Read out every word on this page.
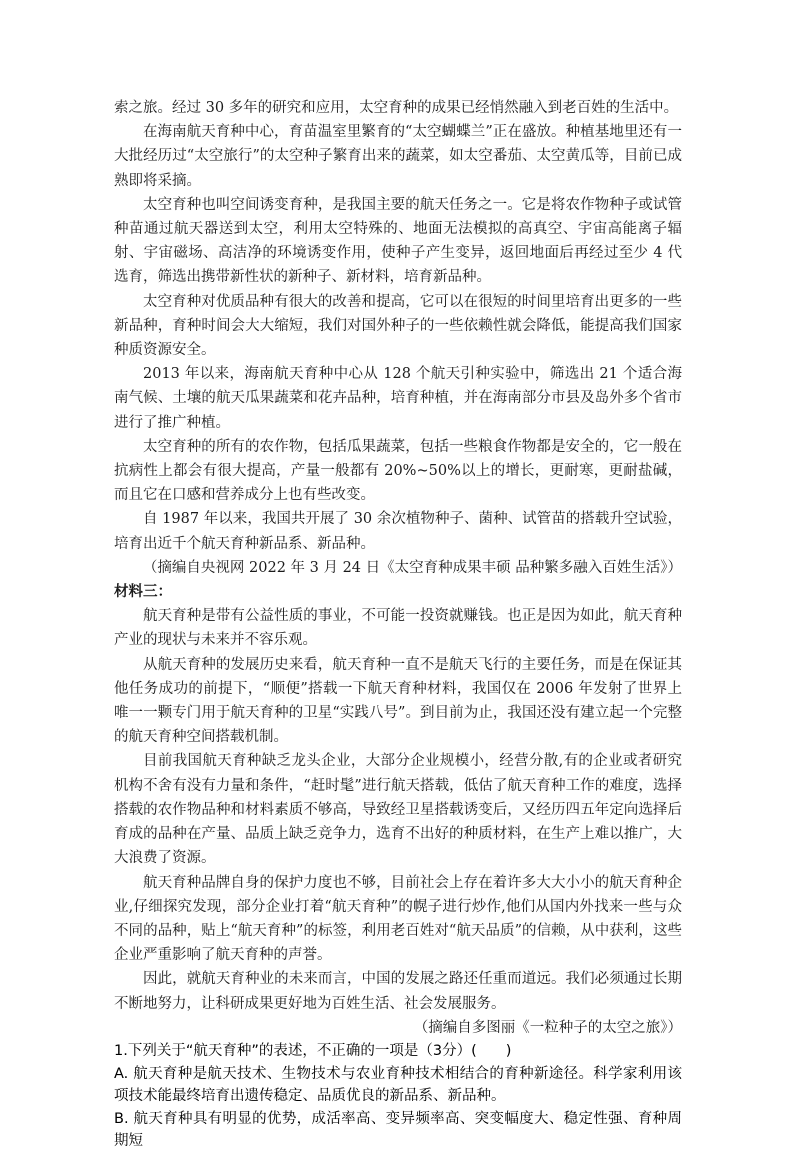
索之旅。经过 30 多年的研究和应用，太空育种的成果已经悄然融入到老百姓的生活中。

在海南航天育种中心，育苗温室里繁育的“太空蝴蝶兰”正在盛放。种植基地里还有一大批经历过“太空旅行”的太空种子繁育出来的蔬菜，如太空番茄、太空黄瓜等，目前已成熟即将采摘。

太空育种也叫空间诱变育种，是我国主要的航天任务之一。它是将农作物种子或试管种苗通过航天器送到太空，利用太空特殊的、地面无法模拟的高真空、宇宙高能离子辐射、宇宙磁场、高洁净的环境诱变作用，使种子产生变异，返回地面后再经过至少 4 代选育，筛选出携带新性状的新种子、新材料，培育新品种。

太空育种对优质品种有很大的改善和提高，它可以在很短的时间里培育出更多的一些新品种，育种时间会大大缩短，我们对国外种子的一些依赖性就会降低，能提高我们国家种质资源安全。

2013 年以来，海南航天育种中心从 128 个航天引种实验中，筛选出 21 个适合海南气候、土壤的航天瓜果蔬菜和花卉品种，培育种植，并在海南部分市县及岛外多个省市进行了推广种植。

太空育种的所有的农作物，包括瓜果蔬菜，包括一些粮食作物都是安全的，它一般在抗病性上都会有很大提高，产量一般都有 20%~50%以上的增长，更耐寒，更耐盐碱，而且它在口感和营养成分上也有些改变。

自 1987 年以来，我国共开展了 30 余次植物种子、菌种、试管苗的搭载升空试验，培育出近千个航天育种新品系、新品种。

（摘编自央视网 2022 年 3 月 24 日《太空育种成果丰硕 品种繁多融入百姓生活》）

材料三：

航天育种是带有公益性质的事业，不可能一投资就赚钱。也正是因为如此，航天育种产业的现状与未来并不容乐观。

从航天育种的发展历史来看，航天育种一直不是航天飞行的主要任务，而是在保证其他任务成功的前提下，“顺便”搭载一下航天育种材料，我国仅在 2006 年发射了世界上唯一一颗专门用于航天育种的卫星“实践八号”。到目前为止，我国还没有建立起一个完整的航天育种空间搭载机制。

目前我国航天育种缺乏龙头企业，大部分企业规模小，经营分散,有的企业或者研究机构不舍有没有力量和条件，“赶时髦”进行航天搭载，低估了航天育种工作的难度，选择搭载的农作物品种和材料素质不够高，导致经卫星搭载诱变后，又经历四五年定向选择后育成的品种在产量、品质上缺乏竞争力，选育不出好的种质材料，在生产上难以推广，大大浪费了资源。

航天育种品牌自身的保护力度也不够，目前社会上存在着许多大大小小的航天育种企业,仔细探究发现，部分企业打着“航天育种”的幌子进行炒作,他们从国内外找来一些与众不同的品种，贴上“航天育种”的标签，利用老百姓对“航天品质”的信赖，从中获利，这些企业严重影响了航天育种的声誉。

因此，就航天育种业的未来而言，中国的发展之路还任重而道远。我们必须通过长期不断地努力，让科研成果更好地为百姓生活、社会发展服务。

（摘编自多图丽《一粒种子的太空之旅》）

1.下列关于“航天育种”的表述，不正确的一项是（3分）(　　)

A. 航天育种是航天技术、生物技术与农业育种技术相结合的育种新途径。科学家利用该项技术能最终培育出遗传稳定、品质优良的新品系、新品种。

B. 航天育种具有明显的优势，成活率高、变异频率高、突变幅度大、稳定性强、育种周期短
